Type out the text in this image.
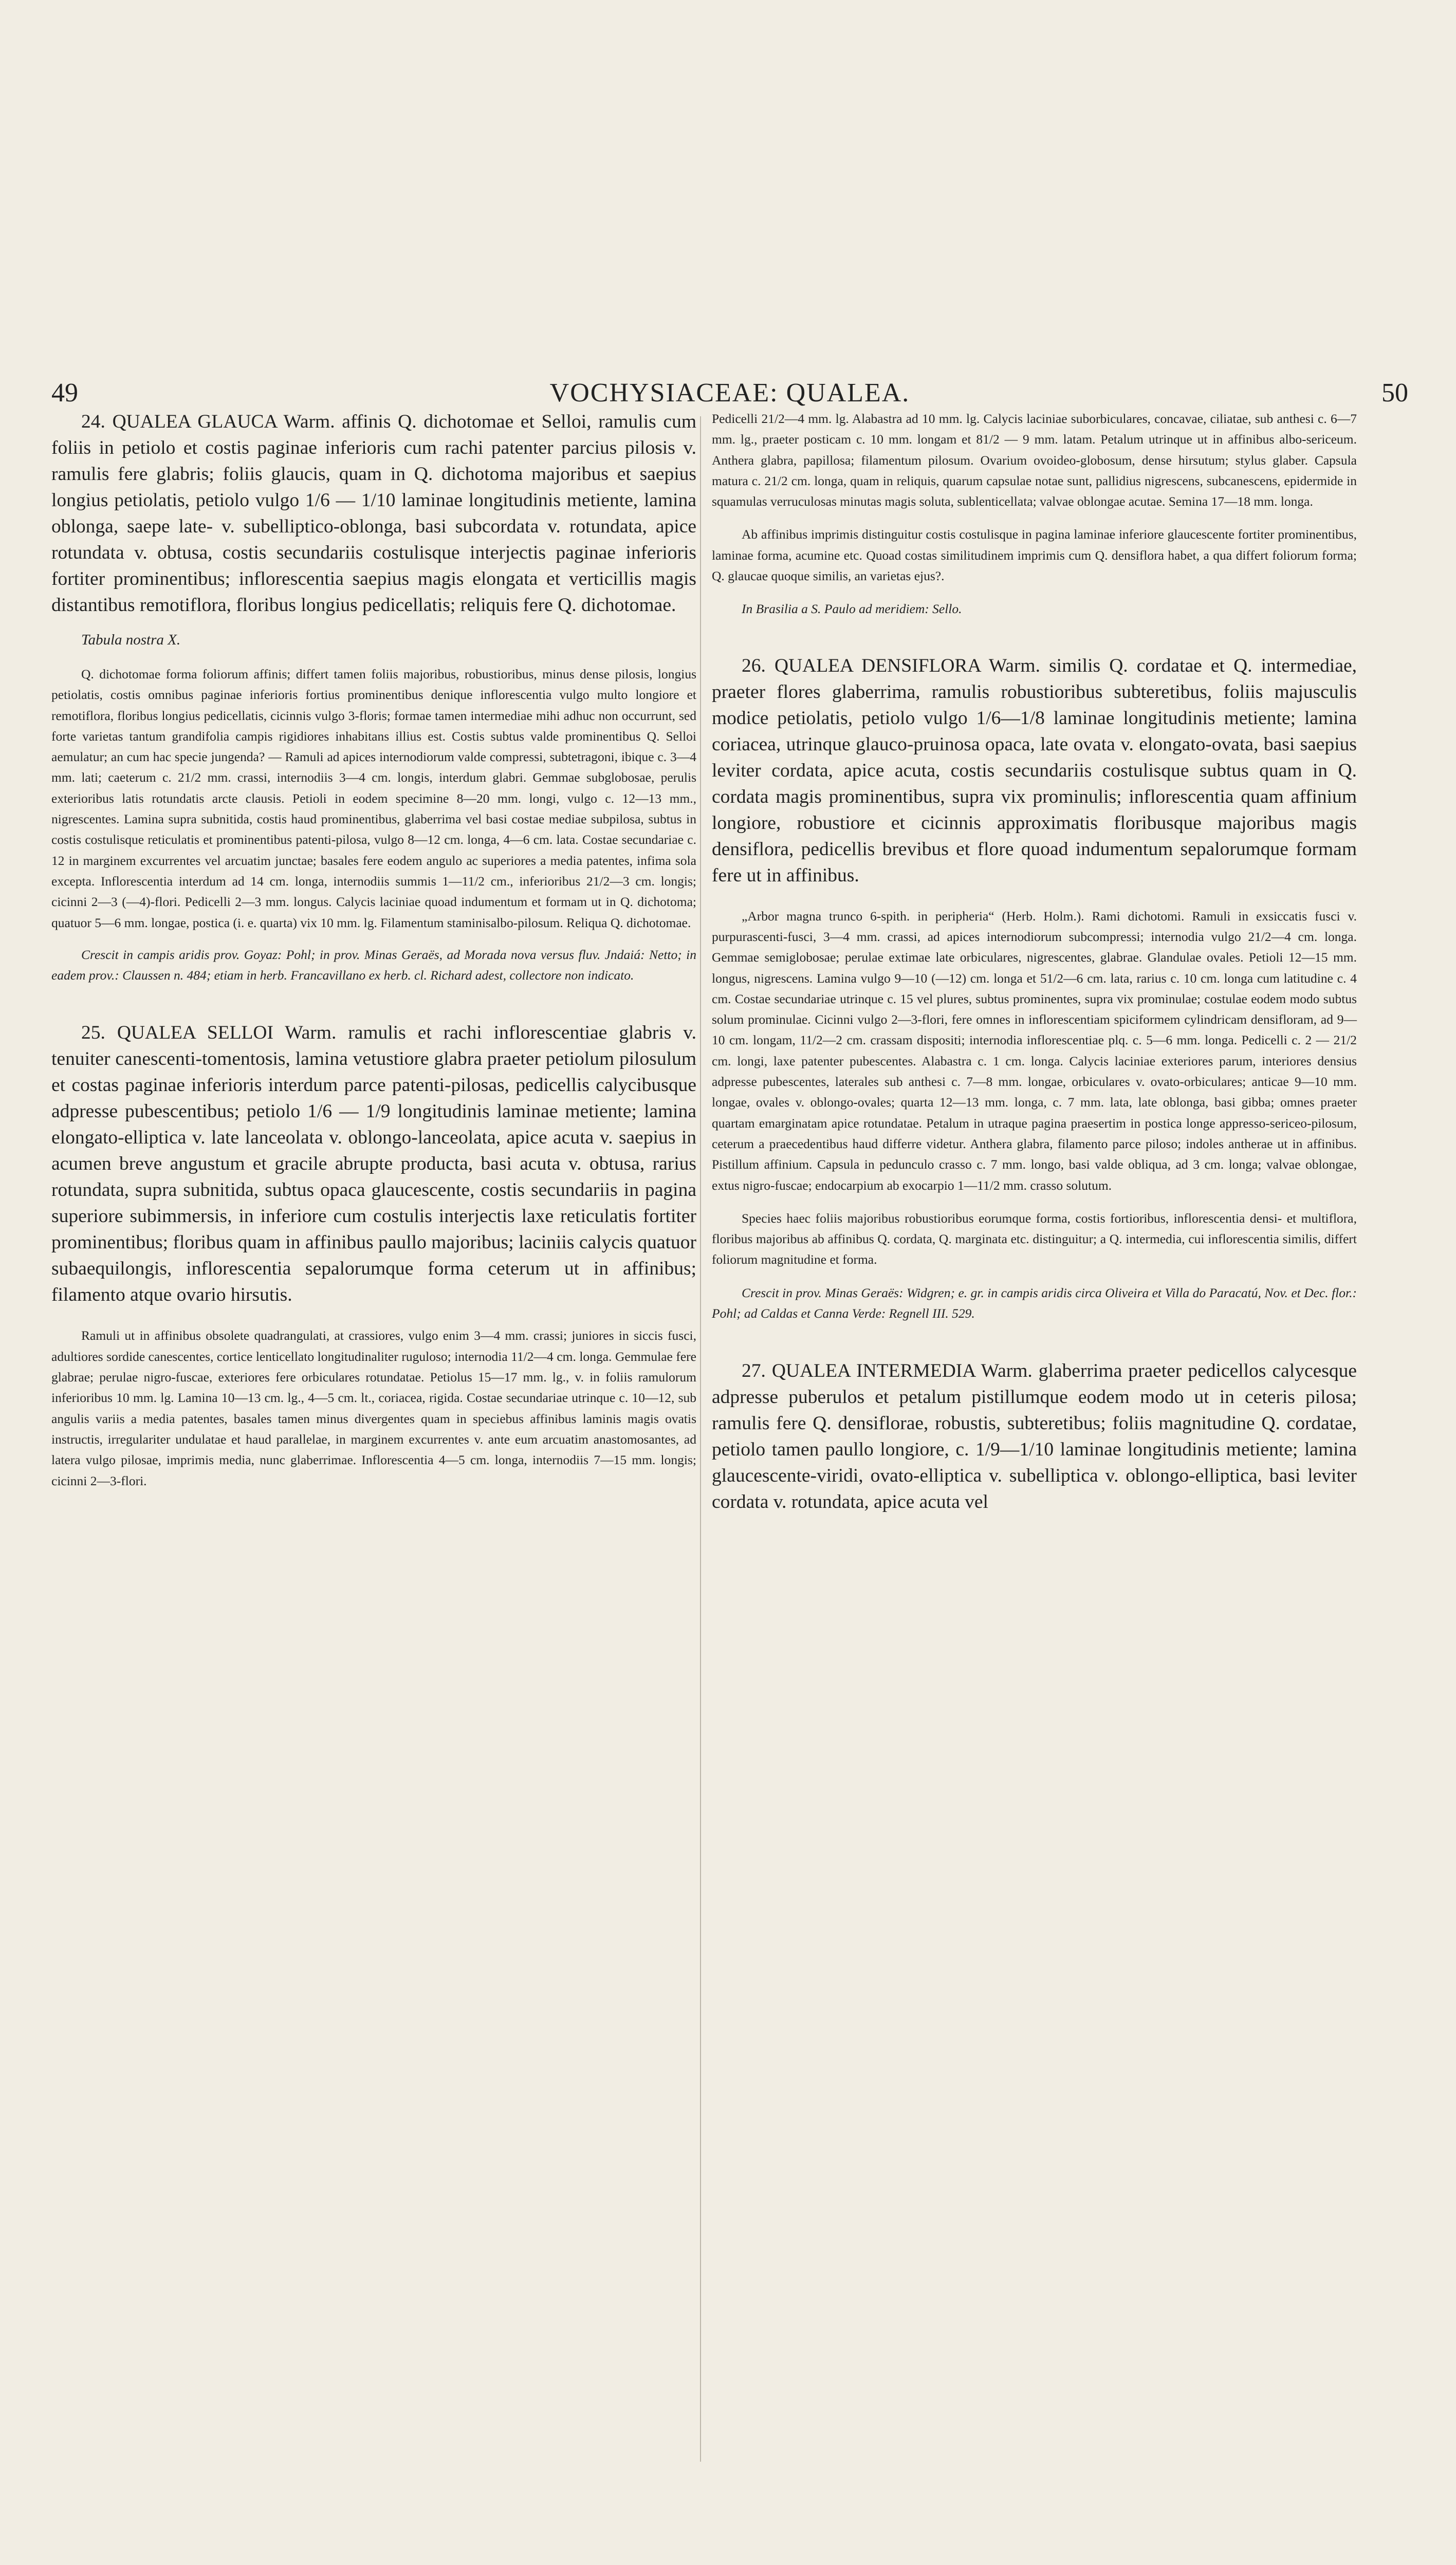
49	VOCHYSIACEAE: QUALEA.	50

24. QUALEA GLAUCA Warm. affinis Q. dichotomae et Selloi, ramulis cum foliis in petiolo et costis paginae inferioris cum rachi patenter parcius pilosis v. ramulis fere glabris; foliis glaucis, quam in Q. dichotoma majoribus et saepius longius petiolatis, petiolo vulgo 1/6 — 1/10 laminae longitudinis metiente, lamina oblonga, saepe late- v. subelliptico-oblonga, basi subcordata v. rotundata, apice rotundata v. obtusa, costis secundariis costulisque interjectis paginae inferioris fortiter prominentibus; inflorescentia saepius magis elongata et verticillis magis distantibus remotiflora, floribus longius pedicellatis; reliquis fere Q. dichotomae.

Tabula nostra X.

Q. dichotomae forma foliorum affinis; differt tamen foliis majoribus, robustioribus, minus dense pilosis, longius petiolatis, costis omnibus paginae inferioris fortius prominentibus denique inflorescentia vulgo multo longiore et remotiflora, floribus longius pedicellatis, cicinnis vulgo 3-floris; formae tamen intermediae mihi adhuc non occurrunt, sed forte varietas tantum grandifolia campis rigidiores inhabitans illius est. Costis subtus valde prominentibus Q. Selloi aemulatur; an cum hac specie jungenda? — Ramuli ad apices internodiorum valde compressi, subtetragoni, ibique c. 3—4 mm. lati; caeterum c. 21/2 mm. crassi, internodiis 3—4 cm. longis, interdum glabri. Gemmae subglobosae, perulis exterioribus latis rotundatis arcte clausis. Petioli in eodem specimine 8—20 mm. longi, vulgo c. 12—13 mm., nigrescentes. Lamina supra subnitida, costis haud prominentibus, glaberrima vel basi costae mediae subpilosa, subtus in costis costulisque reticulatis et prominentibus patenti-pilosa, vulgo 8—12 cm. longa, 4—6 cm. lata. Costae secundariae c. 12 in marginem excurrentes vel arcuatim junctae; basales fere eodem angulo ac superiores a media patentes, infima sola excepta. Inflorescentia interdum ad 14 cm. longa, internodiis summis 1—11/2 cm., inferioribus 21/2—3 cm. longis; cicinni 2—3 (—4)-flori. Pedicelli 2—3 mm. longus. Calycis laciniae quoad indumentum et formam ut in Q. dichotoma; quatuor 5—6 mm. longae, postica (i. e. quarta) vix 10 mm. lg. Filamentum staminisalbo-pilosum. Reliqua Q. dichotomae.

Crescit in campis aridis prov. Goyaz: Pohl; in prov. Minas Geraës, ad Morada nova versus fluv. Jndaiá: Netto; in eadem prov.: Claussen n. 484; etiam in herb. Francavillano ex herb. cl. Richard adest, collectore non indicato.

25. QUALEA SELLOI Warm. ramulis et rachi inflorescentiae glabris v. tenuiter canescenti-tomentosis, lamina vetustiore glabra praeter petiolum pilosulum et costas paginae inferioris interdum parce patenti-pilosas, pedicellis calycibusque adpresse pubescentibus; petiolo 1/6 — 1/9 longitudinis laminae metiente; lamina elongato-elliptica v. late lanceolata v. oblongo-lanceolata, apice acuta v. saepius in acumen breve angustum et gracile abrupte producta, basi acuta v. obtusa, rarius rotundata, supra subnitida, subtus opaca glaucescente, costis secundariis in pagina superiore subimmersis, in inferiore cum costulis interjectis laxe reticulatis fortiter prominentibus; floribus quam in affinibus paullo majoribus; laciniis calycis quatuor subaequilongis, inflorescentia sepalorumque forma ceterum ut in affinibus; filamento atque ovario hirsutis.

Ramuli ut in affinibus obsolete quadrangulati, at crassiores, vulgo enim 3—4 mm. crassi; juniores in siccis fusci, adultiores sordide canescentes, cortice lenticellato longitudinaliter ruguloso; internodia 11/2—4 cm. longa. Gemmulae fere glabrae; perulae nigro-fuscae, exteriores fere orbiculares rotundatae. Petiolus 15—17 mm. lg., v. in foliis ramulorum inferioribus 10 mm. lg. Lamina 10—13 cm. lg., 4—5 cm. lt., coriacea, rigida. Costae secundariae utrinque c. 10—12, sub angulis variis a media patentes, basales tamen minus divergentes quam in speciebus affinibus laminis magis ovatis instructis, irregulariter undulatae et haud parallelae, in marginem excurrentes v. ante eum arcuatim anastomosantes, ad latera vulgo pilosae, imprimis media, nunc glaberrimae. Inflorescentia 4—5 cm. longa, internodiis 7—15 mm. longis; cicinni 2—3-flori.

Pedicelli 21/2—4 mm. lg. Alabastra ad 10 mm. lg. Calycis laciniae suborbiculares, concavae, ciliatae, sub anthesi c. 6—7 mm. lg., praeter posticam c. 10 mm. longam et 81/2 — 9 mm. latam. Petalum utrinque ut in affinibus albo-sericeum. Anthera glabra, papillosa; filamentum pilosum. Ovarium ovoideo-globosum, dense hirsutum; stylus glaber. Capsula matura c. 21/2 cm. longa, quam in reliquis, quarum capsulae notae sunt, pallidius nigrescens, subcanescens, epidermide in squamulas verruculosas minutas magis soluta, sublenticellata; valvae oblongae acutae. Semina 17—18 mm. longa.

Ab affinibus imprimis distinguitur costis costulisque in pagina laminae inferiore glaucescente fortiter prominentibus, laminae forma, acumine etc. Quoad costas similitudinem imprimis cum Q. densiflora habet, a qua differt foliorum forma; Q. glaucae quoque similis, an varietas ejus?.

In Brasilia a S. Paulo ad meridiem: Sello.

26. QUALEA DENSIFLORA Warm. similis Q. cordatae et Q. intermediae, praeter flores glaberrima, ramulis robustioribus subteretibus, foliis majusculis modice petiolatis, petiolo vulgo 1/6—1/8 laminae longitudinis metiente; lamina coriacea, utrinque glauco-pruinosa opaca, late ovata v. elongato-ovata, basi saepius leviter cordata, apice acuta, costis secundariis costulisque subtus quam in Q. cordata magis prominentibus, supra vix prominulis; inflorescentia quam affinium longiore, robustiore et cicinnis approximatis floribusque majoribus magis densiflora, pedicellis brevibus et flore quoad indumentum sepalorumque formam fere ut in affinibus.

„Arbor magna trunco 6-spith. in peripheria“ (Herb. Holm.). Rami dichotomi. Ramuli in exsiccatis fusci v. purpurascenti-fusci, 3—4 mm. crassi, ad apices internodiorum subcompressi; internodia vulgo 21/2—4 cm. longa. Gemmae semiglobosae; perulae extimae late orbiculares, nigrescentes, glabrae. Glandulae ovales. Petioli 12—15 mm. longus, nigrescens. Lamina vulgo 9—10 (—12) cm. longa et 51/2—6 cm. lata, rarius c. 10 cm. longa cum latitudine c. 4 cm. Costae secundariae utrinque c. 15 vel plures, subtus prominentes, supra vix prominulae; costulae eodem modo subtus solum prominulae. Cicinni vulgo 2—3-flori, fere omnes in inflorescentiam spiciformem cylindricam densifloram, ad 9—10 cm. longam, 11/2—2 cm. crassam dispositi; internodia inflorescentiae plq. c. 5—6 mm. longa. Pedicelli c. 2 — 21/2 cm. longi, laxe patenter pubescentes. Alabastra c. 1 cm. longa. Calycis laciniae exteriores parum, interiores densius adpresse pubescentes, laterales sub anthesi c. 7—8 mm. longae, orbiculares v. ovato-orbiculares; anticae 9—10 mm. longae, ovales v. oblongo-ovales; quarta 12—13 mm. longa, c. 7 mm. lata, late oblonga, basi gibba; omnes praeter quartam emarginatam apice rotundatae. Petalum in utraque pagina praesertim in postica longe appresso-sericeo-pilosum, ceterum a praecedentibus haud differre videtur. Anthera glabra, filamento parce piloso; indoles antherae ut in affinibus. Pistillum affinium. Capsula in pedunculo crasso c. 7 mm. longo, basi valde obliqua, ad 3 cm. longa; valvae oblongae, extus nigro-fuscae; endocarpium ab exocarpio 1—11/2 mm. crasso solutum.

Species haec foliis majoribus robustioribus eorumque forma, costis fortioribus, inflorescentia densi- et multiflora, floribus majoribus ab affinibus Q. cordata, Q. marginata etc. distinguitur; a Q. intermedia, cui inflorescentia similis, differt foliorum magnitudine et forma.

Crescit in prov. Minas Geraës: Widgren; e. gr. in campis aridis circa Oliveira et Villa do Paracatú, Nov. et Dec. flor.: Pohl; ad Caldas et Canna Verde: Regnell III. 529.

27. QUALEA INTERMEDIA Warm. glaberrima praeter pedicellos calycesque adpresse puberulos et petalum pistillumque eodem modo ut in ceteris pilosa; ramulis fere Q. densiflorae, robustis, subteretibus; foliis magnitudine Q. cordatae, petiolo tamen paullo longiore, c. 1/9—1/10 laminae longitudinis metiente; lamina glaucescente-viridi, ovato-elliptica v. subelliptica v. oblongo-elliptica, basi leviter cordata v. rotundata, apice acuta vel
